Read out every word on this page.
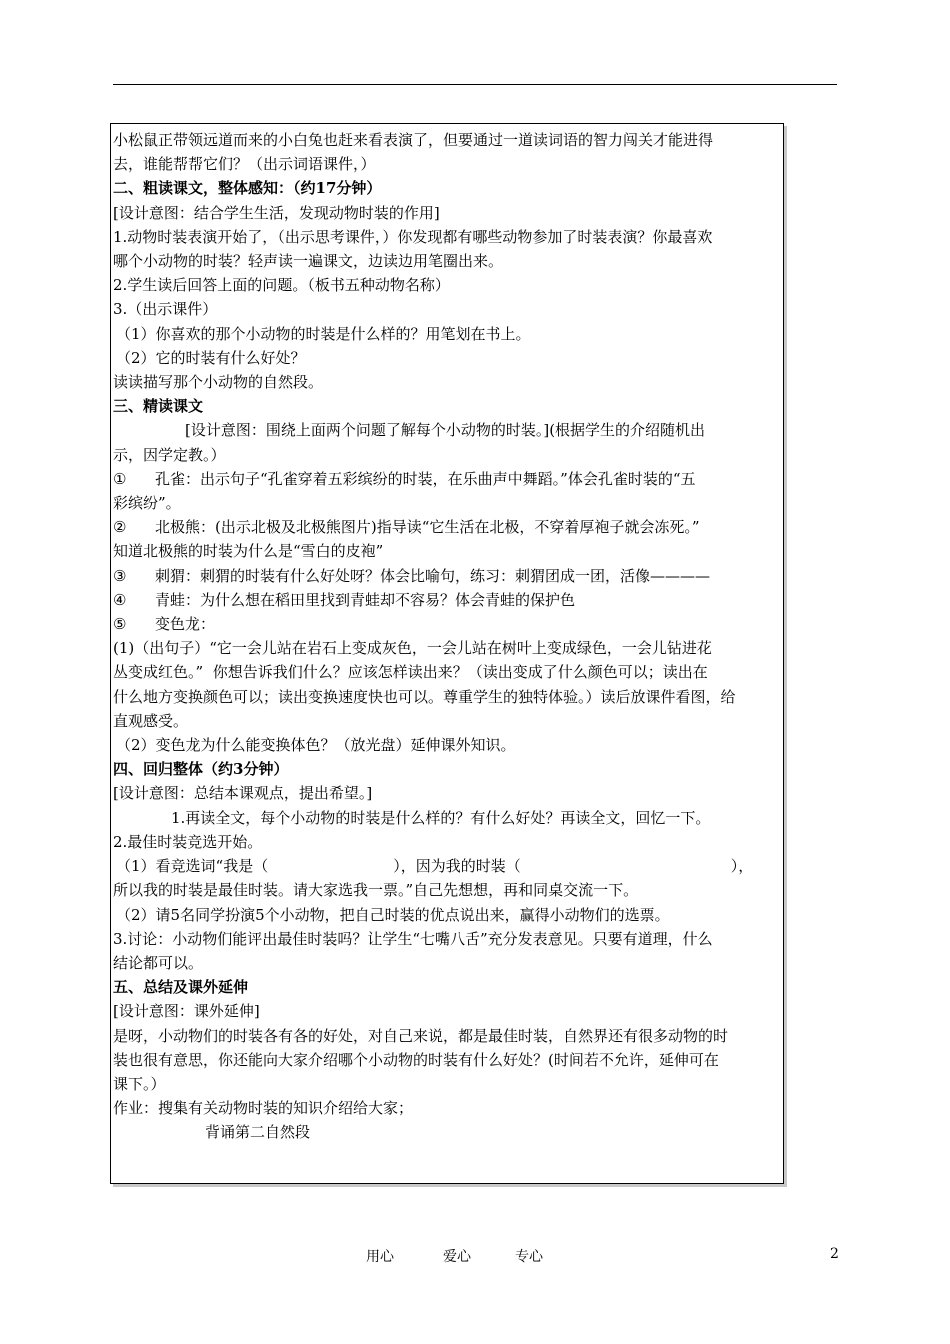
小松鼠正带领远道而来的小白兔也赶来看表演了，但要通过一道读词语的智力闯关才能进得

去，谁能帮帮它们？（出示词语课件，）

二、粗读课文，整体感知：（约17分钟）

[设计意图：结合学生生活，发现动物时装的作用]

1.动物时装表演开始了，（出示思考课件，）你发现都有哪些动物参加了时装表演？你最喜欢

哪个小动物的时装？轻声读一遍课文，边读边用笔圈出来。

2.学生读后回答上面的问题。（板书五种动物名称）

3.（出示课件）

（1）你喜欢的那个小动物的时装是什么样的？用笔划在书上。

（2）它的时装有什么好处？

读读描写那个小动物的自然段。

三、精读课文

[设计意图：围绕上面两个问题了解每个小动物的时装。](根据学生的介绍随机出

示，因学定教。）

① 孔雀：出示句子“孔雀穿着五彩缤纷的时装，在乐曲声中舞蹈。”体会孔雀时装的“五

彩缤纷”。

② 北极熊：(出示北极及北极熊图片)指导读“它生活在北极，不穿着厚袍子就会冻死。”

知道北极熊的时装为什么是“雪白的皮袍”

③ 刺猬：刺猬的时装有什么好处呀？体会比喻句，练习：刺猬团成一团，活像————

④ 青蛙：为什么想在稻田里找到青蛙却不容易？体会青蛙的保护色

⑤ 变色龙：

(1)（出句子）“它一会儿站在岩石上变成灰色，一会儿站在树叶上变成绿色，一会儿钻进花

丛变成红色。”  你想告诉我们什么？应该怎样读出来？（读出变成了什么颜色可以；读出在

什么地方变换颜色可以；读出变换速度快也可以。尊重学生的独特体验。）读后放课件看图，给

直观感受。

（2）变色龙为什么能变换体色？（放光盘）延伸课外知识。

四、回归整体（约3分钟）

[设计意图：总结本课观点，提出希望。]

1.再读全文，每个小动物的时装是什么样的？有什么好处？再读全文，回忆一下。

2.最佳时装竞选开始。

（1）看竞选词“我是（	），因为我的时装（	），

所以我的时装是最佳时装。请大家选我一票。”自己先想想，再和同桌交流一下。

（2）请5名同学扮演5个小动物，把自己时装的优点说出来，赢得小动物们的选票。

3.讨论：小动物们能评出最佳时装吗？让学生“七嘴八舌”充分发表意见。只要有道理，什么

结论都可以。

五、总结及课外延伸

[设计意图：课外延伸]

是呀，小动物们的时装各有各的好处，对自己来说，都是最佳时装，自然界还有很多动物的时

装也很有意思，你还能向大家介绍哪个小动物的时装有什么好处？(时间若不允许，延伸可在

课下。）

作业：搜集有关动物时装的知识介绍给大家；

背诵第二自然段

用心	爱心	专心	2
